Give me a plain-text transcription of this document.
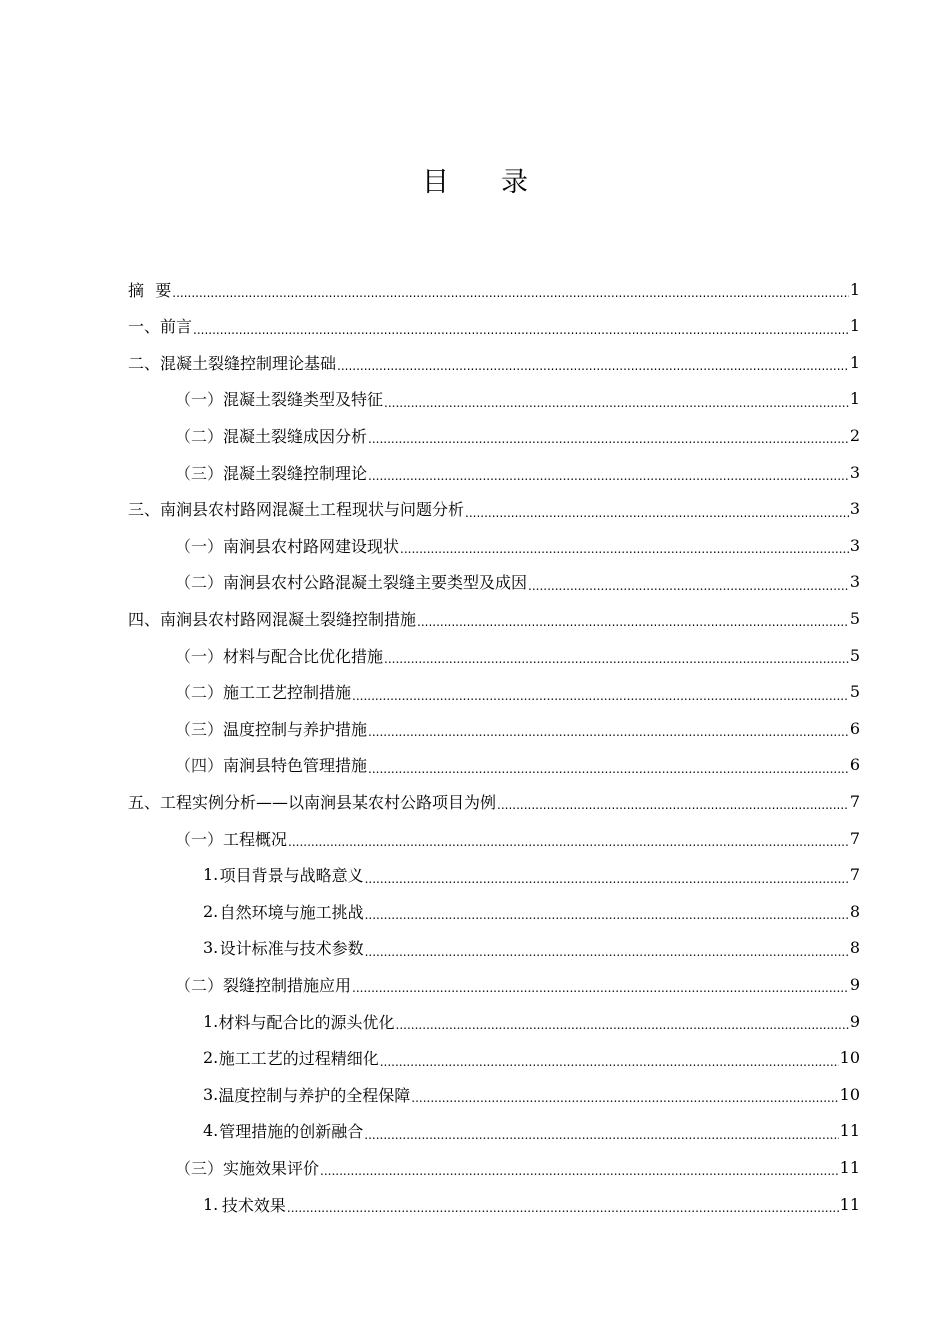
目 录
摘 要 .....	1
一、 前言 .....	1
二、 混凝土裂缝控制理论基础 .....	1
（一） 混凝土裂缝类型及特征 .....	1
（二） 混凝土裂缝成因分析 .....	2
（三） 混凝土裂缝控制理论 .....	3
三、 南涧县农村路网混凝土工程现状与问题分析 .....	3
（一） 南涧县农村路网建设现状 .....	3
（二） 南涧县农村公路混凝土裂缝主要类型及成因 .....	3
四、 南涧县农村路网混凝土裂缝控制措施 .....	5
（一） 材料与配合比优化措施 .....	5
（二） 施工工艺控制措施 .....	5
（三） 温度控制与养护措施 .....	6
（四） 南涧县特色管理措施 .....	6
五、 工程实例分析——以南涧县某农村公路项目为例 .....	7
（一） 工程概况 .....	7
1. 项目背景与战略意义 .....	7
2. 自然环境与施工挑战 .....	8
3. 设计标准与技术参数 .....	8
（二） 裂缝控制措施应用 .....	9
1. 材料与配合比的源头优化 .....	9
2. 施工工艺的过程精细化 .....	10
3. 温度控制与养护的全程保障 .....	10
4. 管理措施的创新融合 .....	11
（三） 实施效果评价 .....	11
1. 技术效果 .....	11
